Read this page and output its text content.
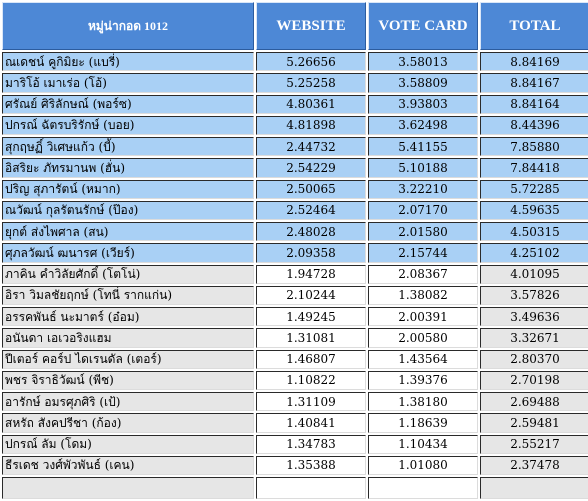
หมู่น่ากอด 1012	WEBSITE	VOTE CARD	TOTAL
ณเดชน์ คูกิมิยะ (แบรี่)	5.26656	3.58013	8.84169
มาริโอ้ เมาเร่อ (โอ้)	5.25258	3.58809	8.84167
ศรัณย์ ศิริลักษณ์ (พอร์ซ)	4.80361	3.93803	8.84164
ปกรณ์ ฉัตรบริรักษ์ (บอย)	4.81898	3.62498	8.44396
สุกฤษฏิ์ วิเศษแก้ว (บี้)	2.44732	5.41155	7.85880
อิสริยะ ภัทรมานพ (ฮั่น)	2.54229	5.10188	7.84418
ปริญ สุภารัตน์ (หมาก)	2.50065	3.22210	5.72285
ณวัฒน์ กุลรัตนรักษ์ (ป๊อง)	2.52464	2.07170	4.59635
ยุกต์ ส่งไพศาล (สน)	2.48028	2.01580	4.50315
ศุภลวัฒน์ ฒนารศ (เวียร์)	2.09358	2.15744	4.25102
ภาคิน คำวิลัยศักดิ์ (โตโน่)	1.94728	2.08367	4.01095
อิรา วิมลชัยฤกษ์ (โทนี่ รากแก่น)	2.10244	1.38082	3.57826
อรรคพันธ์ นะมาตร์ (อ๋อม)	1.49245	2.00391	3.49636
อนันดา เอเวอริงแฮม	1.31081	2.00580	3.32671
ปีเตอร์ คอร์ป ไดเรนดัล (เตอร์)	1.46807	1.43564	2.80370
พชร จิราธิวัฒน์ (พีช)	1.10822	1.39376	2.70198
อารักษ์ อมรศุภศิริ (เป้)	1.31109	1.38180	2.69488
สหรัถ สังคปรีชา (ก้อง)	1.40841	1.18639	2.59481
ปกรณ์ ลัม (โดม)	1.34783	1.10434	2.55217
ธีรเดช วงศ์พัวพันธ์ (เคน)	1.35388	1.01080	2.37478
